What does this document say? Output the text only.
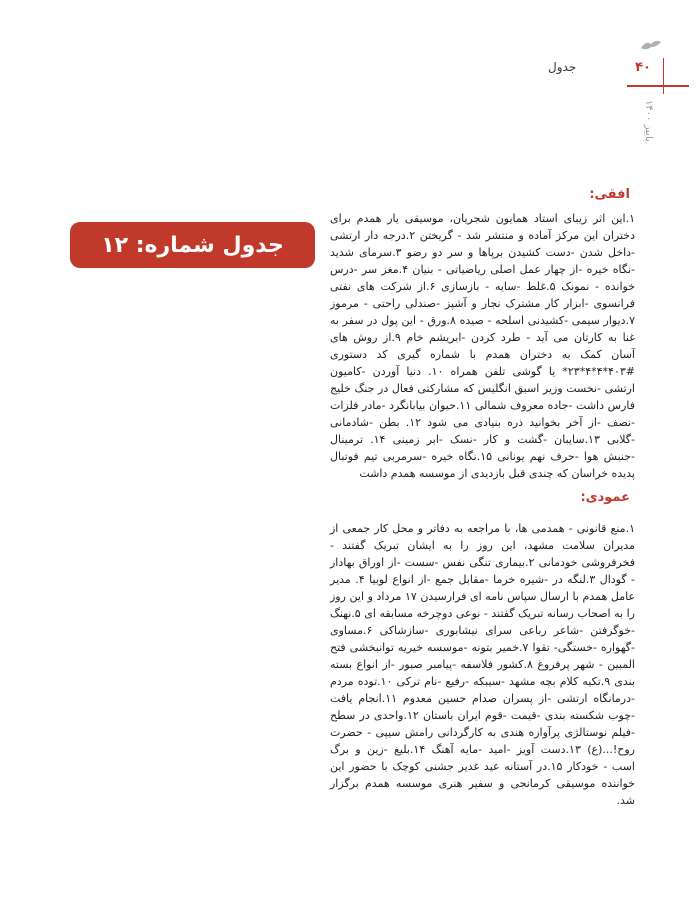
۴۰
جدول
پاییز ۱۴۰۰
جدول شماره: ۱۲
افقی:
۱.این اثر زیبای استاد همایون شجریان، موسیقی یار همدم برای دختران این مرکز آماده و منتشر شد - گریختن ۲.درجه دار ارتشی -داخل شدن -دست کشیدن برپاها و سر دو رضو ۳.سرمای شدید -نگاه خیره -از چهار عمل اصلی ریاضیاتی - بنیان ۴.مغز سر -درس خوانده - نمونک ۵.غلط -سایه - بازسازی ۶.از شرکت های نفتی فرانسوی -ابزار کار مشترک نجار و آشپز -صندلی راحتی - مرموز ۷.دیوار سیمی -کشیدنی اسلحه - صیده ۸.ورق - این پول در سفر به غنا به کارتان می آید - طرد کردن -ابریشم خام ۹.از روش های آسان کمک به دختران همدم با شماره گیری کد دستوری #۴۰۳*۴*۴*۲۳* یا گوشی تلفن همراه ۱۰. دنیا آوردن -کامیون ارتشی -نخست وزیر اسبق انگلیس که مشارکتی فعال در جنگ خلیج فارس داشت -جاده معروف شمالی ۱۱.حیوان بیابانگرد -مادر فلزات -نصف -از آخر بخوانید ذره بنیادی می شود ۱۲. بطن -شادمانی -گلابی ۱۳.سایبان -گشت و کار -نسک -ابر زمینی ۱۴. ترمینال -جنبش هوا -حرف نهم یونانی ۱۵.نگاه خیره -سرمربی تیم فوتبال پدیده خراسان که چندی قبل بازدیدی از موسسه همدم داشت
عمودی:
۱.منع قانونی - همدمی ها، با مراجعه به دفاتر و محل کار جمعی از مدیران سلامت مشهد، این روز را به ایشان تبریک گفتند - فخرفروشی خودمانی ۲.بیماری تنگی نفس -سست -از اوراق بهادار - گودال ۳.لنگه در -شیره خرما -مقابل جمع -از انواع لوبیا ۴. مدیر عامل همدم با ارسال سپاس نامه ای فرارسیدن ۱۷ مرداد و این روز را به اصحاب رسانه تبریک گفتند - نوعی دوچرخه مسابقه ای ۵.نهنگ -خوگرفتن -شاعر رباعی سرای نیشابوری -سازشاکی ۶.مساوی -گهواره -خستگی- تقوا ۷.خمیر بتونه -موسسه خیریه توانبخشی فتح المبین - شهر پرفروغ ۸.کشور فلاسفه -پیامبر صبور -از انواع بسته بندی ۹.تکیه کلام بچه مشهد -سیبکه -رفیع -نام ترکی ۱۰.توده مردم -درمانگاه ارتشی -از پسران صدام حسین معدوم ۱۱.انجام یافت -چوب شکسته بندی -قیمت -قوم ایران باستان ۱۲.واحدی در سطح -فیلم نوستالژی پرآوازه هندی به کارگردانی رامش سیپی - حضرت روح!...(ع) ۱۳.دست آویز -امید -مایه آهنگ ۱۴.بلیغ -زین و برگ اسب - خودکار ۱۵.در آستانه عید غدیر جشنی کوچک با حضور این خواننده موسیقی کرمانجی و سفیر هنری موسسه همدم برگزار شد.
